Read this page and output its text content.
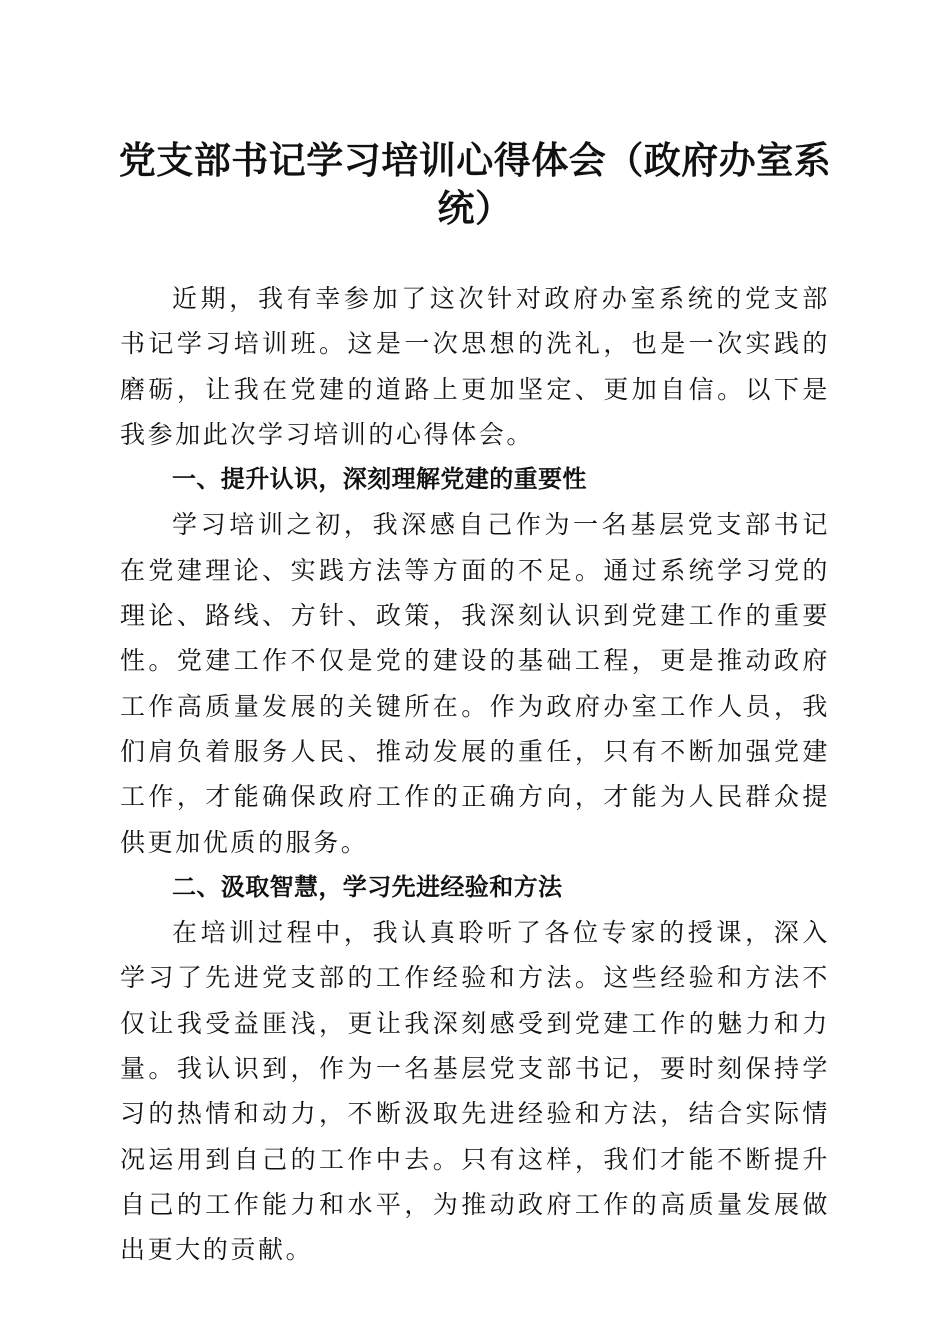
党支部书记学习培训心得体会（政府办室系统）

近期，我有幸参加了这次针对政府办室系统的党支部书记学习培训班。这是一次思想的洗礼，也是一次实践的磨砺，让我在党建的道路上更加坚定、更加自信。以下是我参加此次学习培训的心得体会。

一、提升认识，深刻理解党建的重要性

学习培训之初，我深感自己作为一名基层党支部书记在党建理论、实践方法等方面的不足。通过系统学习党的理论、路线、方针、政策，我深刻认识到党建工作的重要性。党建工作不仅是党的建设的基础工程，更是推动政府工作高质量发展的关键所在。作为政府办室工作人员，我们肩负着服务人民、推动发展的重任，只有不断加强党建工作，才能确保政府工作的正确方向，才能为人民群众提供更加优质的服务。

二、汲取智慧，学习先进经验和方法

在培训过程中，我认真聆听了各位专家的授课，深入学习了先进党支部的工作经验和方法。这些经验和方法不仅让我受益匪浅，更让我深刻感受到党建工作的魅力和力量。我认识到，作为一名基层党支部书记，要时刻保持学习的热情和动力，不断汲取先进经验和方法，结合实际情况运用到自己的工作中去。只有这样，我们才能不断提升自己的工作能力和水平，为推动政府工作的高质量发展做出更大的贡献。
